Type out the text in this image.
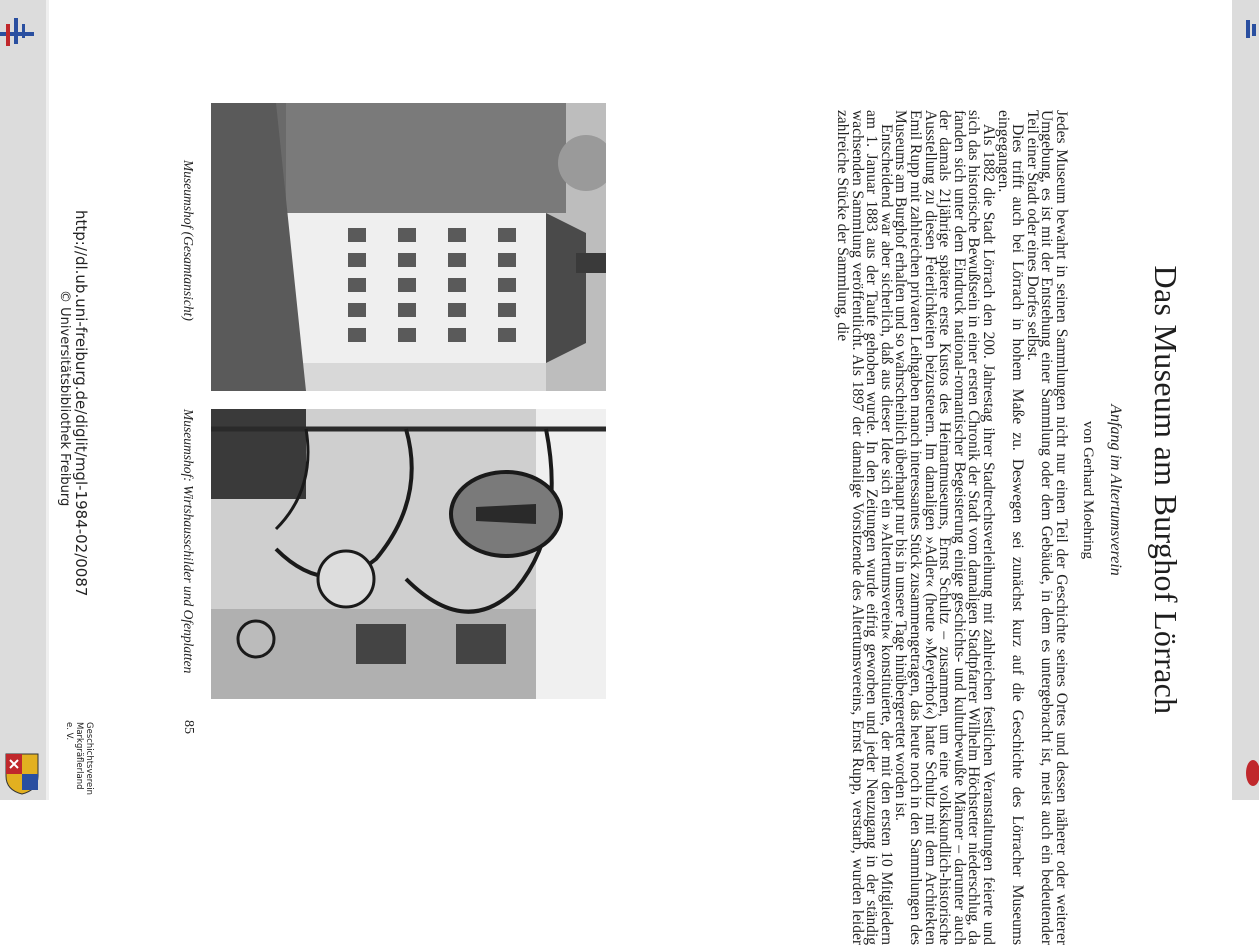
Das Museum am Burghof Lörrach
Anfang im Altertumsverein
von Gerhard Moehring

Jedes Museum bewahrt in seinen Sammlungen nicht nur einen Teil der Geschichte seines Ortes und dessen näherer oder weiterer Umgebung, es ist mit der Entstehung einer Sammlung oder dem Gebäude, in dem es untergebracht ist, meist auch ein bedeutender Teil einer Stadt oder eines Dorfes selbst.

Dies trifft auch bei Lörrach in hohem Maße zu. Deswegen sei zunächst kurz auf die Geschichte des Lörracher Museums eingegangen.

Als 1882 die Stadt Lörrach den 200. Jahrestag ihrer Stadtrechtsverleihung mit zahlreichen festlichen Veranstaltungen feierte und sich das historische Bewußtsein in einer ersten Chronik der Stadt vom damaligen Stadtpfarrer Wilhelm Höchstetter niederschlug, da fanden sich unter dem Eindruck national-romantischer Begeisterung einige geschichts- und kulturbewußte Männer – darunter auch der damals 21jährige spätere erste Kustos des Heimatmuseums, Ernst Schultz – zusammen, um eine volkskundlich-historische Ausstellung zu diesen Feierlichkeiten beizusteuern. Im damaligen »Adler« (heute »Meyerhof«) hatte Schultz mit dem Architekten Emil Rupp mit zahlreichen privaten Leihgaben manch interessantes Stück zusammengetragen, das heute noch in den Sammlungen des Museums am Burghof erhalten und so wahrscheinlich überhaupt nur bis in unsere Tage hinübergerettet worden ist.

Entscheidend war aber sicherlich, daß aus dieser Idee sich ein »Altertumsverein« konstituierte, der mit den ersten 10 Mitgliedern am 1. Januar 1883 aus der Taufe gehoben wurde. In den Zeitungen wurde eifrig geworben und jeder Neuzugang in der ständig wachsenden Sammlung veröffentlicht. Als 1897 der damalige Vorsitzende des Altertumsvereins, Ernst Rupp, verstarb, wurden leider zahlreiche Stücke der Sammlung, die

Museumshof (Gesamtansicht)
Museumshof: Wirtshausschilder und Ofenplatten
85
http://dl.ub.uni-freiburg.de/diglit/mgl-1984-02/0087
© Universitätsbibliothek Freiburg
Geschichtsverein
Markgräflerland e. V.
